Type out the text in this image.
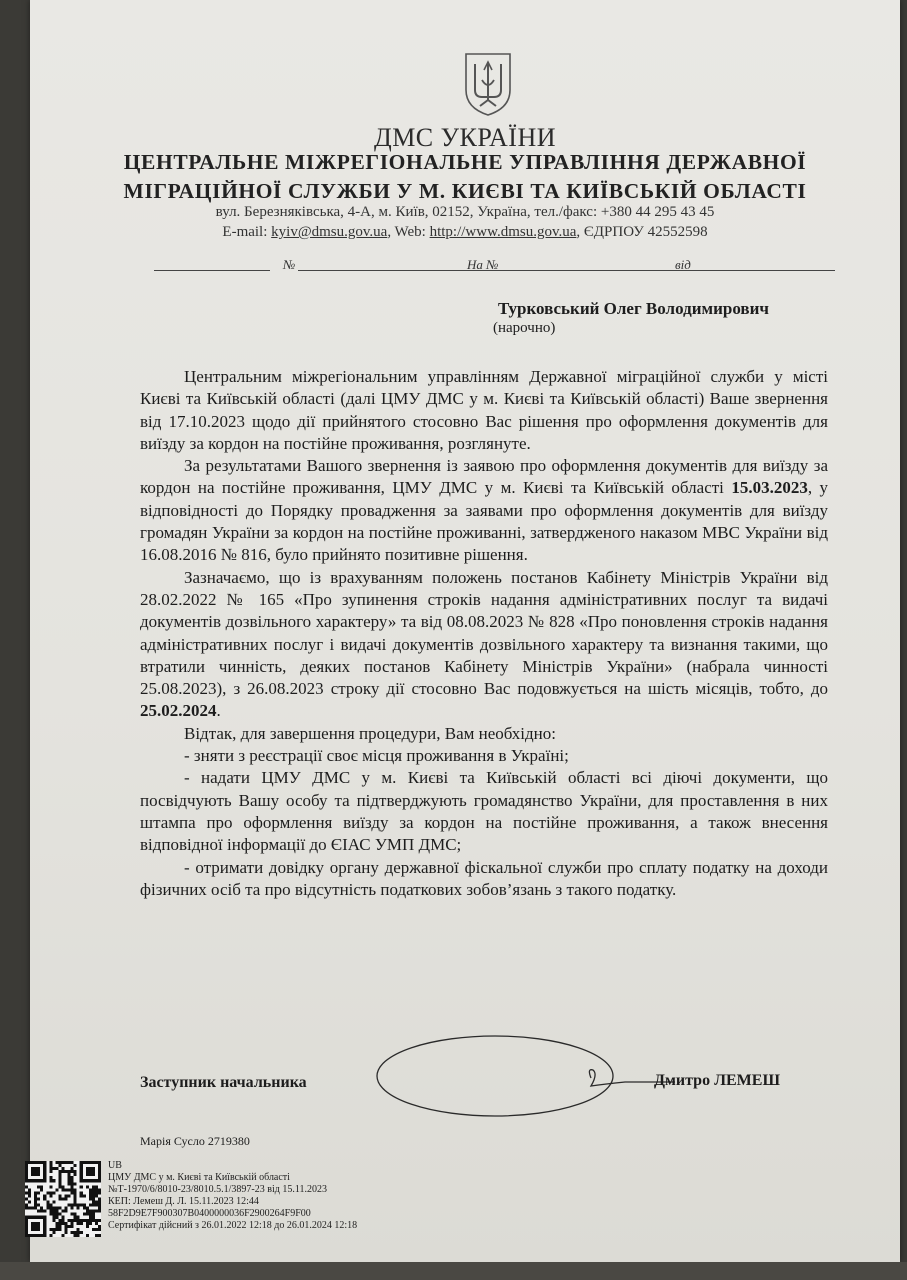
ДМС УКРАЇНИ
ЦЕНТРАЛЬНЕ МІЖРЕГІОНАЛЬНЕ УПРАВЛІННЯ ДЕРЖАВНОЇ
МІГРАЦІЙНОЇ СЛУЖБИ У М. КИЄВІ ТА КИЇВСЬКІЙ ОБЛАСТІ
вул. Березняківська, 4-А, м. Київ, 02152, Україна, тел./факс: +380 44 295 43 45
E-mail: kyiv@dmsu.gov.ua, Web: http://www.dmsu.gov.ua, ЄДРПОУ 42552598
№	На №	від
Турковський Олег Володимирович
(нарочно)

Центральним міжрегіональним управлінням Державної міграційної служби у місті Києві та Київській області (далі ЦМУ ДМС у м. Києві та Київській області) Ваше звернення від 17.10.2023 щодо дії прийнятого стосовно Вас рішення про оформлення документів для виїзду за кордон на постійне проживання, розглянуте.

За результатами Вашого звернення із заявою про оформлення документів для виїзду за кордон на постійне проживання, ЦМУ ДМС у м. Києві та Київській області 15.03.2023, у відповідності до Порядку провадження за заявами про оформлення документів для виїзду громадян України за кордон на постійне проживанні, затвердженого наказом МВС України від 16.08.2016 № 816, було прийнято позитивне рішення.

Зазначаємо, що із врахуванням положень постанов Кабінету Міністрів України від 28.02.2022 № 165 «Про зупинення строків надання адміністративних послуг та видачі документів дозвільного характеру» та від 08.08.2023 № 828 «Про поновлення строків надання адміністративних послуг і видачі документів дозвільного характеру та визнання такими, що втратили чинність, деяких постанов Кабінету Міністрів України» (набрала чинності 25.08.2023), з 26.08.2023 строку дії стосовно Вас подовжується на шість місяців, тобто, до 25.02.2024.

Відтак, для завершення процедури, Вам необхідно:

- зняти з реєстрації своє місця проживання в Україні;

- надати ЦМУ ДМС у м. Києві та Київській області всі діючі документи, що посвідчують Вашу особу та підтверджують громадянство України, для проставлення в них штампа про оформлення виїзду за кордон на постійне проживання, а також внесення відповідної інформації до ЄІАС УМП ДМС;

- отримати довідку органу державної фіскальної служби про сплату податку на доходи фізичних осіб та про відсутність податкових зобов’язань з такого податку.

Заступник начальника	Дмитро ЛЕМЕШ
Марія Сусло 2719380
UB
ЦМУ ДМС у м. Києві та Київській області
№Т-1970/6/8010-23/8010.5.1/3897-23 від 15.11.2023
КЕП: Лемеш Д. Л. 15.11.2023 12:44
58F2D9E7F900307B0400000036F2900264F9F00
Сертифікат дійсний з 26.01.2022 12:18 до 26.01.2024 12:18
